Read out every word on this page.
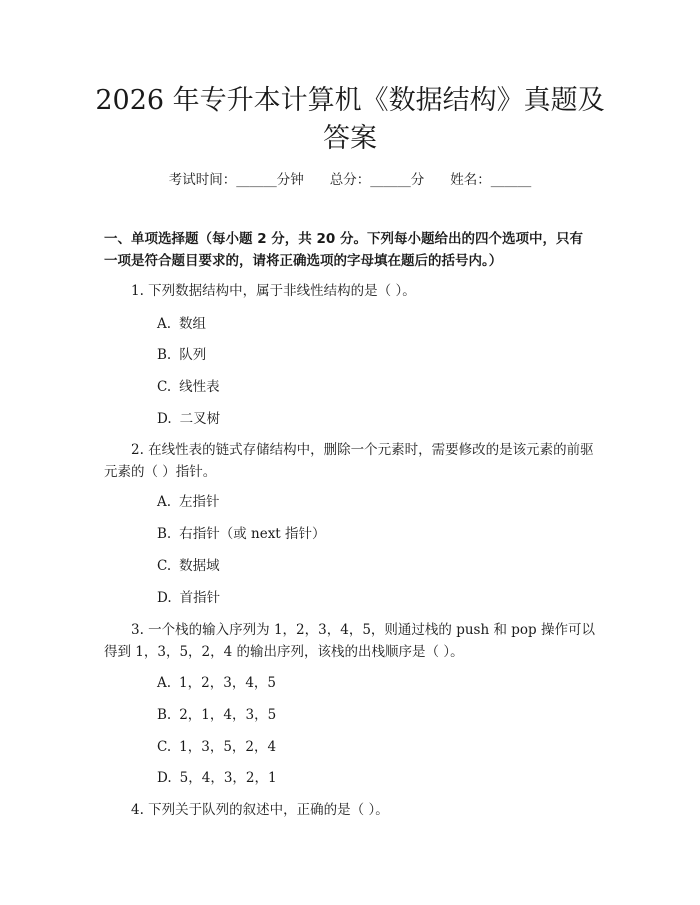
2026 年专升本计算机《数据结构》真题及答案
考试时间：______分钟 总分：______分 姓名：______

一、单项选择题（每小题 2 分，共 20 分。下列每小题给出的四个选项中，只有一项是符合题目要求的，请将正确选项的字母填在题后的括号内。）

1. 下列数据结构中，属于非线性结构的是（ ）。

A. 数组

B. 队列

C. 线性表

D. 二叉树

2. 在线性表的链式存储结构中，删除一个元素时，需要修改的是该元素的前驱元素的（ ）指针。

A. 左指针

B. 右指针（或 next 指针）

C. 数据域

D. 首指针

3. 一个栈的输入序列为 1，2，3，4，5，则通过栈的 push 和 pop 操作可以得到 1，3，5，2，4 的输出序列，该栈的出栈顺序是（ ）。

A. 1，2，3，4，5

B. 2，1，4，3，5

C. 1，3，5，2，4

D. 5，4，3，2，1

4. 下列关于队列的叙述中，正确的是（ ）。
